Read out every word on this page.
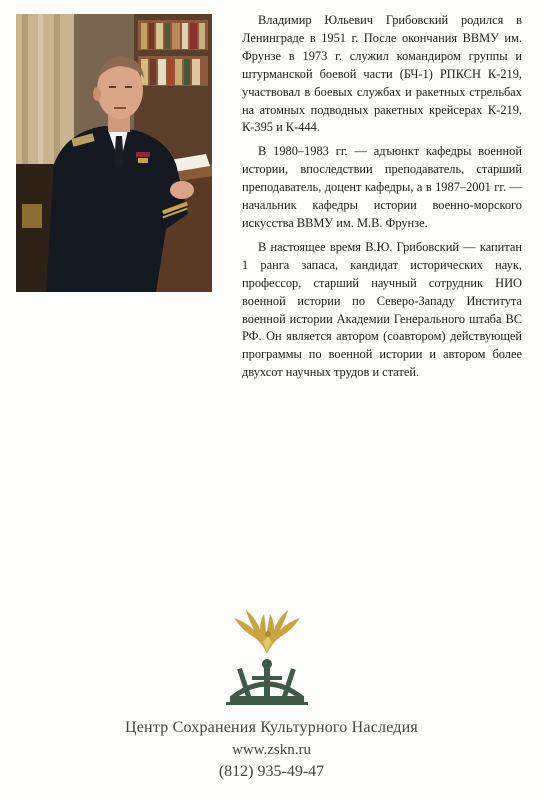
Владимир Юльевич Грибовский родился в Ленинграде в 1951 г. После окончания ВВМУ им. Фрунзе в 1973 г. служил командиром группы и штурманской боевой части (БЧ-1) РПКСН К-219, участвовал в боевых службах и ракетных стрельбах на атомных подводных ракетных крейсерах К-219, К-395 и К-444.

В 1980–1983 гг. — адъюнкт кафедры военной истории, впоследствии преподаватель, старший преподаватель, доцент кафедры, а в 1987–2001 гг. — начальник кафедры истории военно-морского искусства ВВМУ им. М.В. Фрунзе.

В настоящее время В.Ю. Грибовский — капитан 1 ранга запаса, кандидат исторических наук, профессор, старший научный сотрудник НИО военной истории по Северо-Западу Института военной истории Академии Генерального штаба ВС РФ. Он является автором (соавтором) действующей программы по военной истории и автором более двухсот научных трудов и статей.

Центр Сохранения Культурного Наследия
www.zskn.ru
(812) 935-49-47
